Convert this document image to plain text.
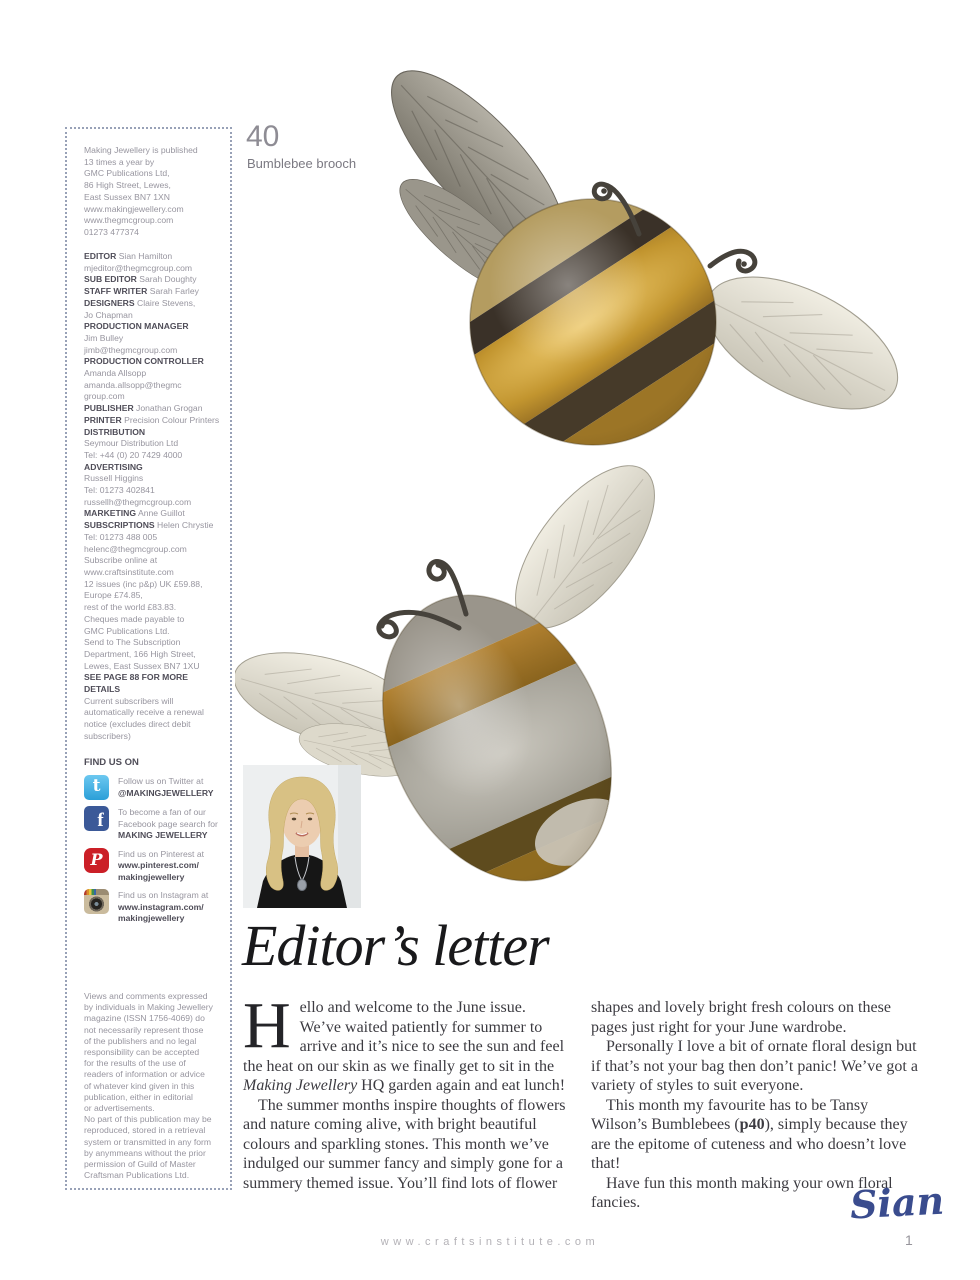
Making Jewellery is published
13 times a year by
GMC Publications Ltd,
86 High Street, Lewes,
East Sussex BN7 1XN
www.makingjewellery.com
www.thegmcgroup.com
01273 477374
EDITOR Sian Hamilton
mjeditor@thegmcgroup.com
SUB EDITOR Sarah Doughty
STAFF WRITER Sarah Farley
DESIGNERS Claire Stevens,
Jo Chapman
PRODUCTION MANAGER
Jim Bulley
jimb@thegmcgroup.com
PRODUCTION CONTROLLER
Amanda Allsopp
amanda.allsopp@thegmc
group.com
PUBLISHER Jonathan Grogan
PRINTER Precision Colour Printers
DISTRIBUTION
Seymour Distribution Ltd
Tel: +44 (0) 20 7429 4000
ADVERTISING
Russell Higgins
Tel: 01273 402841
russellh@thegmcgroup.com
MARKETING Anne Guillot
SUBSCRIPTIONS Helen Chrystie
Tel: 01273 488 005
helenc@thegmcgroup.com
Subscribe online at
www.craftsinstitute.com
12 issues (inc p&p) UK £59.88,
Europe £74.85,
rest of the world £83.83.
Cheques made payable to
GMC Publications Ltd.
Send to The Subscription
Department, 166 High Street,
Lewes, East Sussex BN7 1XU
SEE PAGE 88 FOR MORE
DETAILS
Current subscribers will
automatically receive a renewal
notice (excludes direct debit
subscribers)
FIND US ON
t
Follow us on Twitter at
@MAKINGJEWELLERY
f
To become a fan of our
Facebook page search for
MAKING JEWELLERY
P
Find us on Pinterest at
www.pinterest.com/
makingjewellery
Find us on Instagram at
www.instagram.com/
makingjewellery
Views and comments expressed
by individuals in Making Jewellery
magazine (ISSN 1756-4069) do
not necessarily represent those
of the publishers and no legal
responsibility can be accepted
for the results of the use of
readers of information or advice
of whatever kind given in this
publication, either in editorial
or advertisements.
No part of this publication may be
reproduced, stored in a retrieval
system or transmitted in any form
by anymmeans without the prior
permission of Guild of Master
Craftsman Publications Ltd.
40
Bumblebee brooch
Editor’s letter

Hello and welcome to the June issue. We’ve waited patiently for summer to arrive and it’s nice to see the sun and feel the heat on our skin as we finally get to sit in the Making Jewellery HQ garden again and eat lunch!

The summer months inspire thoughts of flowers and nature coming alive, with bright beautiful colours and sparkling stones. This month we’ve indulged our summer fancy and simply gone for a summery themed issue. You’ll find lots of flower

shapes and lovely bright fresh colours on these pages just right for your June wardrobe.

Personally I love a bit of ornate floral design but if that’s not your bag then don’t panic! We’ve got a variety of styles to suit everyone.

This month my favourite has to be Tansy Wilson’s Bumblebees (p40), simply because they are the epitome of cuteness and who doesn’t love that!

Have fun this month making your own floral fancies.	Sian
www.craftsinstitute.com	1
